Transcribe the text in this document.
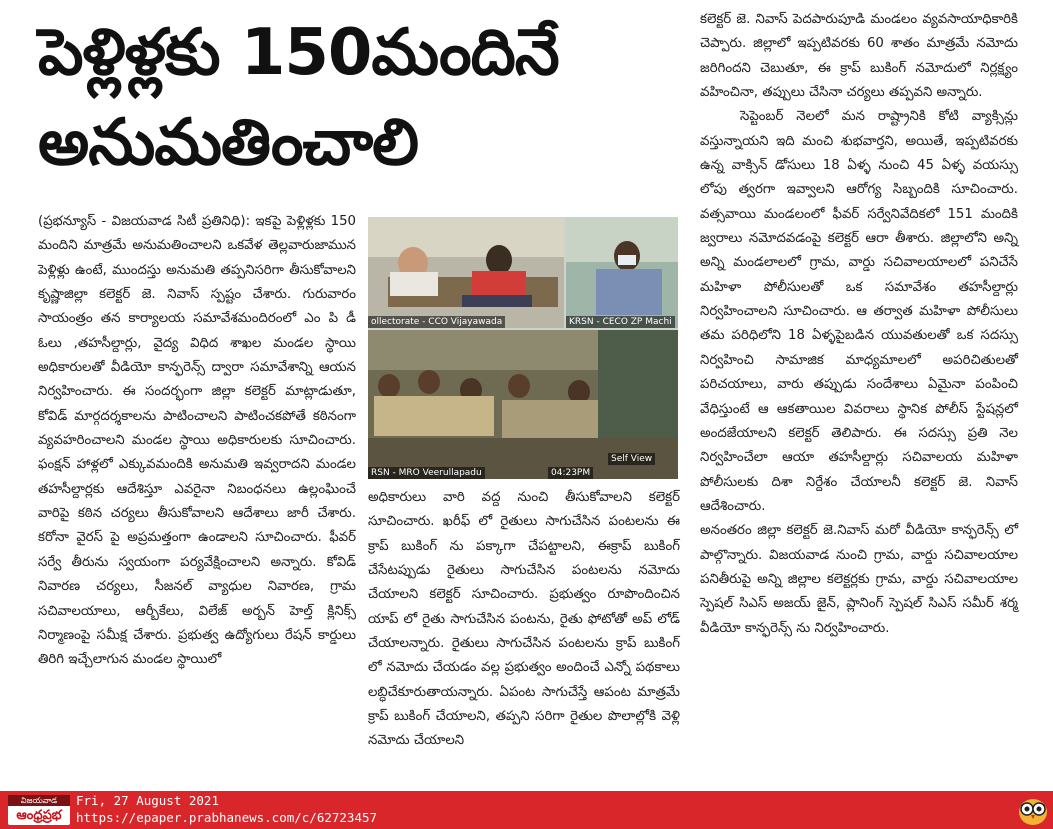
పెళ్లిళ్లకు 150మందినే
అనుమతించాలి

(ప్రభన్యూస్ - విజయవాడ సిటీ ప్రతినిధి): ఇకపై పెళ్లిళ్లకు 150 మందిని మాత్రమే అనుమతించాలని ఒకవేళ తెల్లవారుజామున పెళ్లిళ్లు ఉంటే, ముందస్తు అనుమతి తప్పనిసరిగా తీసుకోవాలని కృష్ణాజిల్లా కలెక్టర్ జె. నివాస్ స్పష్టం చేశారు. గురువారం సాయంత్రం తన కార్యాలయ సమావేశమందిరంలో ఎం పి డీ ఓలు ,తహసీల్దార్లు, వైద్య విధిద శాఖల మండల స్థాయి అధికారులతో వీడియో కాన్ఫరెన్స్ ద్వారా సమావేశాన్ని ఆయన నిర్వహించారు. ఈ సందర్భంగా జిల్లా కలెక్టర్ మాట్లాడుతూ, కోవిడ్ మార్గదర్శకాలను పాటించాలని పాటించకపోతే కఠినంగా వ్యవహరించాలని మండల స్థాయి అధికారులకు సూచించారు. ఫంక్షన్ హాళ్లలో ఎక్కువమందికి అనుమతి ఇవ్వరాదని మండల తహసీల్దార్లకు ఆదేశిస్తూ ఎవరైనా నిబంధనలు ఉల్లంఘించే వారిపై కఠిన చర్యలు తీసుకోవాలని ఆదేశాలు జారీ చేశారు. కరోనా వైరస్ పై అప్రమత్తంగా ఉండాలని సూచించారు. ఫీవర్ సర్వే తీరును స్వయంగా పర్యవేక్షించాలని అన్నారు. కోవిడ్ నివారణ చర్యలు, సీజనల్ వ్యాధుల నివారణ, గ్రామ సచివాలయాలు, ఆర్బీకేలు, విలేజ్ అర్బన్ హెల్త్ క్లినిక్స్ నిర్మాణంపై సమీక్ష చేశారు. ప్రభుత్వ ఉద్యోగులు రేషన్ కార్డులు తిరిగి ఇచ్చేలాగున మండల స్థాయిలో

ollectorate - CCO Vijayawada	KRSN - CECO ZP Machi
RSN - MRO Veerullapadu
Self View
04:23PM

అధికారులు వారి వద్ద నుంచి తీసుకోవాలని కలెక్టర్ సూచించారు. ఖరీఫ్ లో రైతులు సాగుచేసిన పంటలను ఈ క్రాప్ బుకింగ్ ను పక్కాగా చేపట్టాలని, ఈక్రాప్ బుకింగ్ చేసేటప్పుడు రైతులు సాగుచేసిన పంటలను నమోదు చేయాలని కలెక్టర్ సూచించారు. ప్రభుత్వం రూపొందించిన యాప్ లో రైతు సాగుచేసిన పంటను, రైతు ఫోటోతో అప్ లోడ్ చేయాలన్నారు. రైతులు సాగుచేసిన పంటలను క్రాప్ బుకింగ్ లో నమోదు చేయడం వల్ల ప్రభుత్వం అందించే ఎన్నో పథకాలు లబ్ధిచేకూరుతాయన్నారు. ఏపంట సాగుచేస్తే ఆపంట మాత్రమే క్రాప్ బుకింగ్ చేయాలని, తప్పని సరిగా రైతుల పొలాల్లోకి వెళ్లి నమోదు చేయాలని

కలెక్టర్ జె. నివాస్ పెదపారుపూడి మండలం వ్యవసాయాధికారికి చెప్పారు. జిల్లాలో ఇప్పటివరకు 60 శాతం మాత్రమే నమోదు జరిగిందని చెబుతూ, ఈ క్రాప్ బుకింగ్ నమోదులో నిర్లక్ష్యం వహించినా, తప్పులు చేసినా చర్యలు తప్పవని అన్నారు.

సెప్టెంబర్ నెలలో మన రాష్ట్రానికి కోటి వ్యాక్సిన్లు వస్తున్నాయని ఇది మంచి శుభవార్తని, అయితే, ఇప్పటివరకు ఉన్న వాక్సిన్ డోసులు 18 ఏళ్ళ నుంచి 45 ఏళ్ళ వయస్సు లోపు త్వరగా ఇవ్వాలని ఆరోగ్య సిబ్బందికి సూచించారు. వత్సవాయి మండలంలో ఫీవర్ సర్వేనివేదికలో 151 మందికి జ్వరాలు నమోదవడంపై కలెక్టర్ ఆరా తీశారు. జిల్లాలోని అన్ని అన్ని మండలాలలో గ్రామ, వార్డు సచివాలయాలలో పనిచేసే మహిళా పోలీసులతో ఒక సమావేశం తహసీల్దార్లు నిర్వహించాలని సూచించారు. ఆ తర్వాత మహిళా పోలీసులు తమ పరిధిలోని 18 ఏళ్ళపైబడిన యువతులతో ఒక సదస్సు నిర్వహించి సామాజిక మాధ్యమాలలో అపరిచితులతో పరిచయాలు, వారు తప్పుడు సందేశాలు ఏమైనా పంపించి వేధిస్తుంటే ఆ ఆకతాయిల వివరాలు స్థానిక పోలీస్ స్టేషన్లలో అందజేయాలని కలెక్టర్ తెలిపారు. ఈ సదస్సు ప్రతి నెల నిర్వహించేలా ఆయా తహసీల్దార్లు సచివాలయ మహిళా పోలీసులకు దిశా నిర్దేశం చేయాలనీ కలెక్టర్ జె. నివాస్ ఆదేశించారు.

అనంతరం జిల్లా కలెక్టర్ జె.నివాస్ మరో వీడియో కాన్ఫరెన్స్ లో పాల్గొన్నారు. విజయవాడ నుంచి గ్రామ, వార్డు సచివాలయాల పనితీరుపై అన్ని జిల్లాల కలెక్టర్లకు గ్రామ, వార్డు సచివాలయాల స్పెషల్ సిఎస్ అజయ్ జైన్, ప్లానింగ్ స్పెషల్ సిఎస్ సమీర్ శర్మ వీడియో కాన్ఫరెన్స్ ను నిర్వహించారు.

విజయవాడ
ఆంధ్రప్రభ
Fri, 27 August 2021
https://epaper.prabhanews.com/c/62723457
